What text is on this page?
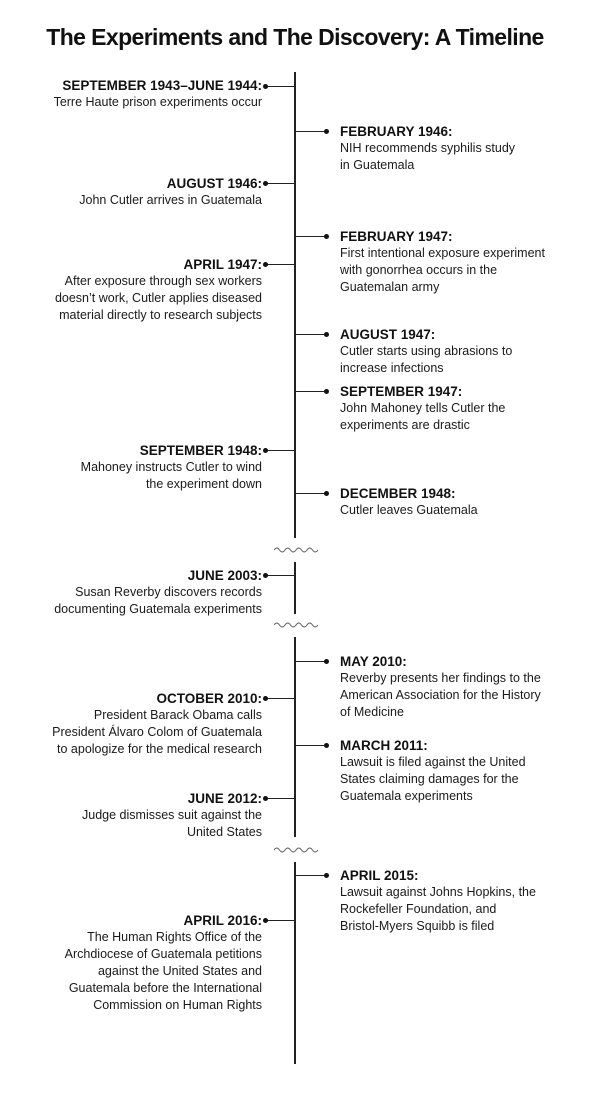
The Experiments and The Discovery: A Timeline
SEPTEMBER 1943–JUNE 1944:
Terre Haute prison experiments occur
FEBRUARY 1946:
NIH recommends syphilis study
in Guatemala
AUGUST 1946:
John Cutler arrives in Guatemala
FEBRUARY 1947:
First intentional exposure experiment
with gonorrhea occurs in the
Guatemalan army
APRIL 1947:
After exposure through sex workers
doesn’t work, Cutler applies diseased
material directly to research subjects
AUGUST 1947:
Cutler starts using abrasions to
increase infections
SEPTEMBER 1947:
John Mahoney tells Cutler the
experiments are drastic
SEPTEMBER 1948:
Mahoney instructs Cutler to wind
the experiment down
DECEMBER 1948:
Cutler leaves Guatemala
JUNE 2003:
Susan Reverby discovers records
documenting Guatemala experiments
MAY 2010:
Reverby presents her findings to the
American Association for the History
of Medicine
OCTOBER 2010:
President Barack Obama calls
President Álvaro Colom of Guatemala
to apologize for the medical research	MARCH 2011:
Lawsuit is filed against the United
States claiming damages for the
Guatemala experiments
JUNE 2012:
Judge dismisses suit against the
United States
APRIL 2015:
Lawsuit against Johns Hopkins, the
Rockefeller Foundation, and
Bristol-Myers Squibb is filed
APRIL 2016:
The Human Rights Office of the
Archdiocese of Guatemala petitions
against the United States and
Guatemala before the International
Commission on Human Rights
